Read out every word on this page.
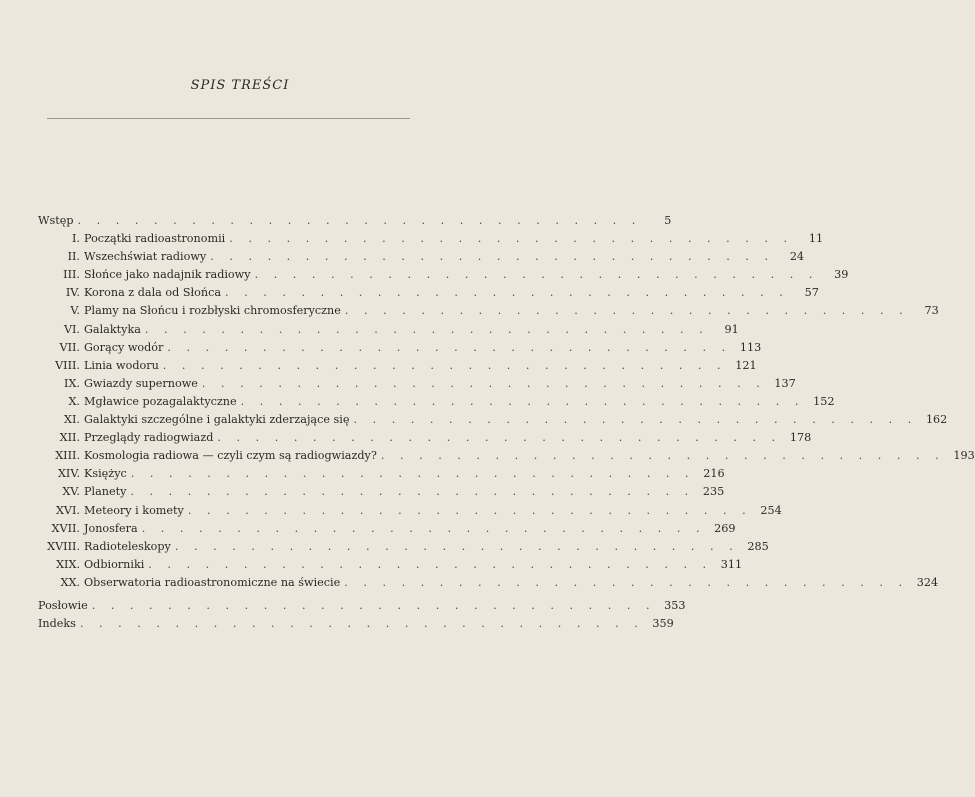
SPIS TREŚCI
Wstęp . . . . . . . . . . . . . . . . . . . . . . . . . . . . . .	5
I. Początki radioastronomii . . . . . . . . . . . . . . . . . . . . . . . . . . . . . .	11
II. Wszechświat radiowy . . . . . . . . . . . . . . . . . . . . . . . . . . . . . .	24
III. Słońce jako nadajnik radiowy . . . . . . . . . . . . . . . . . . . . . . . . . . . . . .	39
IV. Korona z dala od Słońca . . . . . . . . . . . . . . . . . . . . . . . . . . . . . .	57
V. Plamy na Słońcu i rozbłyski chromosferyczne . . . . . . . . . . . . . . . . . . . . . . . . . . . . . .	73
VI. Galaktyka . . . . . . . . . . . . . . . . . . . . . . . . . . . . . .	91
VII. Gorący wodór . . . . . . . . . . . . . . . . . . . . . . . . . . . . . . 113
VIII. Linia wodoru . . . . . . . . . . . . . . . . . . . . . . . . . . . . . . 121
IX. Gwiazdy supernowe . . . . . . . . . . . . . . . . . . . . . . . . . . . . . . 137
X. Mgławice pozagalaktyczne . . . . . . . . . . . . . . . . . . . . . . . . . . . . . . 152
XI. Galaktyki szczególne i galaktyki zderzające się . . . . . . . . . . . . . . . . . . . . . . . . . . . . . . 162
XII. Przeglądy radiogwiazd . . . . . . . . . . . . . . . . . . . . . . . . . . . . . . 178
XIII. Kosmologia radiowa — czyli czym są radiogwiazdy? . . . . . . . . . . . . . . . . . . . . . . . . . . . . . . 193
XIV. Księżyc . . . . . . . . . . . . . . . . . . . . . . . . . . . . . . 216
XV. Planety . . . . . . . . . . . . . . . . . . . . . . . . . . . . . . 235
XVI. Meteory i komety . . . . . . . . . . . . . . . . . . . . . . . . . . . . . . 254
XVII. Jonosfera . . . . . . . . . . . . . . . . . . . . . . . . . . . . . . 269
XVIII. Radioteleskopy . . . . . . . . . . . . . . . . . . . . . . . . . . . . . . 285
XIX. Odbiorniki . . . . . . . . . . . . . . . . . . . . . . . . . . . . . . 311
XX. Obserwatoria radioastronomiczne na świecie . . . . . . . . . . . . . . . . . . . . . . . . . . . . . . 324
Posłowie . . . . . . . . . . . . . . . . . . . . . . . . . . . . . . 353
Indeks . . . . . . . . . . . . . . . . . . . . . . . . . . . . . . 359
